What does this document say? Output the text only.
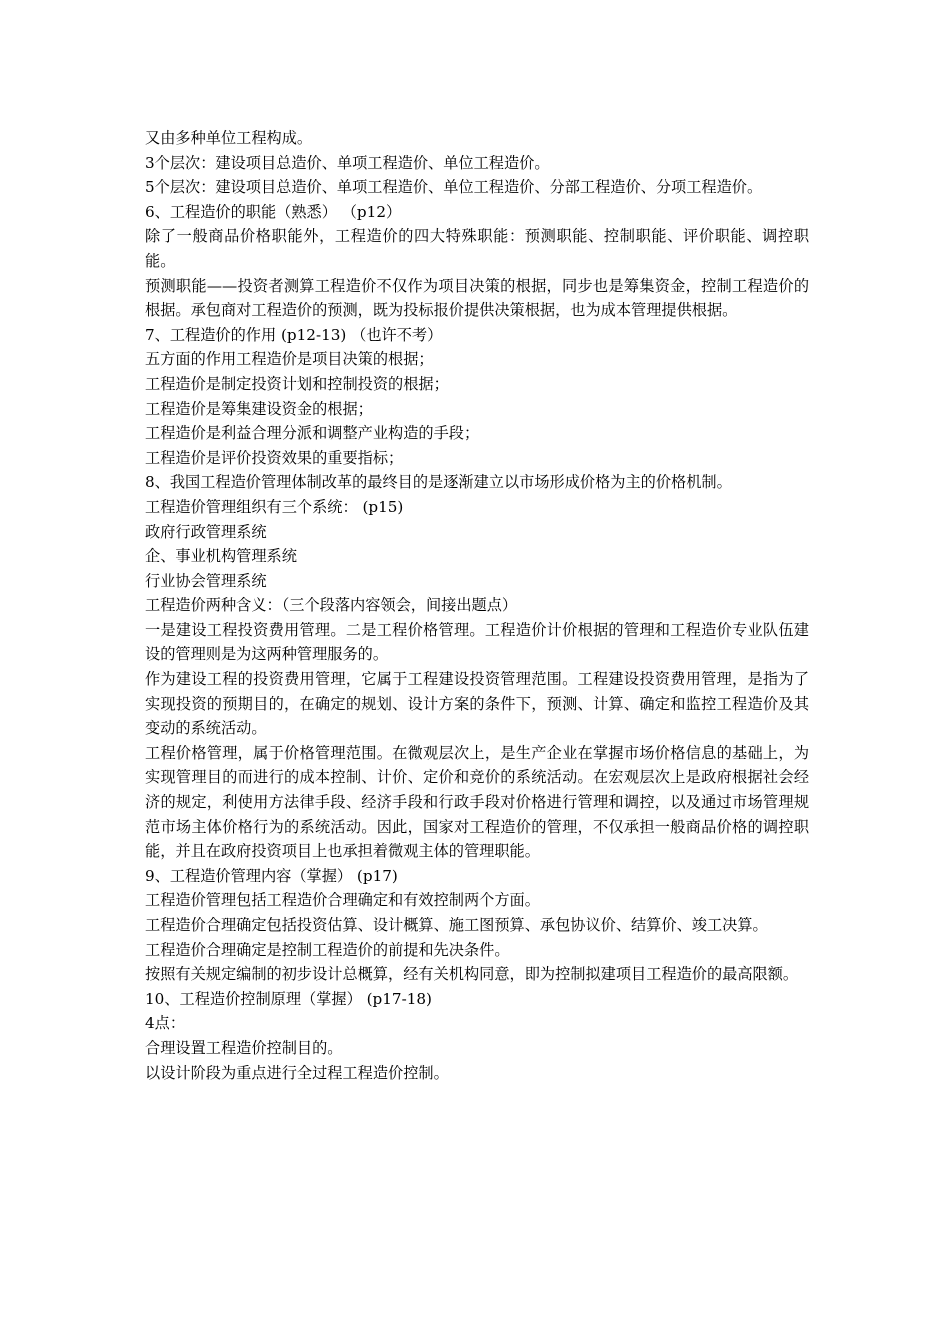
又由多种单位工程构成。

3个层次：建设项目总造价、单项工程造价、单位工程造价。

5个层次：建设项目总造价、单项工程造价、单位工程造价、分部工程造价、分项工程造价。

6、工程造价的职能（熟悉） （p12）

除了一般商品价格职能外，工程造价的四大特殊职能：预测职能、控制职能、评价职能、调控职能。

预测职能——投资者测算工程造价不仅作为项目决策的根据，同步也是筹集资金，控制工程造价的根据。承包商对工程造价的预测，既为投标报价提供决策根据，也为成本管理提供根据。

7、工程造价的作用 (p12-13) （也许不考）

五方面的作用工程造价是项目决策的根据；

工程造价是制定投资计划和控制投资的根据；

工程造价是筹集建设资金的根据；

工程造价是利益合理分派和调整产业构造的手段；

工程造价是评价投资效果的重要指标；

8、我国工程造价管理体制改革的最终目的是逐渐建立以市场形成价格为主的价格机制。

工程造价管理组织有三个系统： (p15)

政府行政管理系统

企、事业机构管理系统

行业协会管理系统

工程造价两种含义：（三个段落内容领会，间接出题点）

一是建设工程投资费用管理。二是工程价格管理。工程造价计价根据的管理和工程造价专业队伍建设的管理则是为这两种管理服务的。

作为建设工程的投资费用管理，它属于工程建设投资管理范围。工程建设投资费用管理，是指为了实现投资的预期目的，在确定的规划、设计方案的条件下，预测、计算、确定和监控工程造价及其变动的系统活动。

工程价格管理，属于价格管理范围。在微观层次上，是生产企业在掌握市场价格信息的基础上，为实现管理目的而进行的成本控制、计价、定价和竞价的系统活动。在宏观层次上是政府根据社会经济的规定，利使用方法律手段、经济手段和行政手段对价格进行管理和调控，以及通过市场管理规范市场主体价格行为的系统活动。因此，国家对工程造价的管理，不仅承担一般商品价格的调控职能，并且在政府投资项目上也承担着微观主体的管理职能。

9、工程造价管理内容（掌握） (p17)

工程造价管理包括工程造价合理确定和有效控制两个方面。

工程造价合理确定包括投资估算、设计概算、施工图预算、承包协议价、结算价、竣工决算。

工程造价合理确定是控制工程造价的前提和先决条件。

按照有关规定编制的初步设计总概算，经有关机构同意，即为控制拟建项目工程造价的最高限额。

10、工程造价控制原理（掌握） (p17-18)

4点：

合理设置工程造价控制目的。

以设计阶段为重点进行全过程工程造价控制。
